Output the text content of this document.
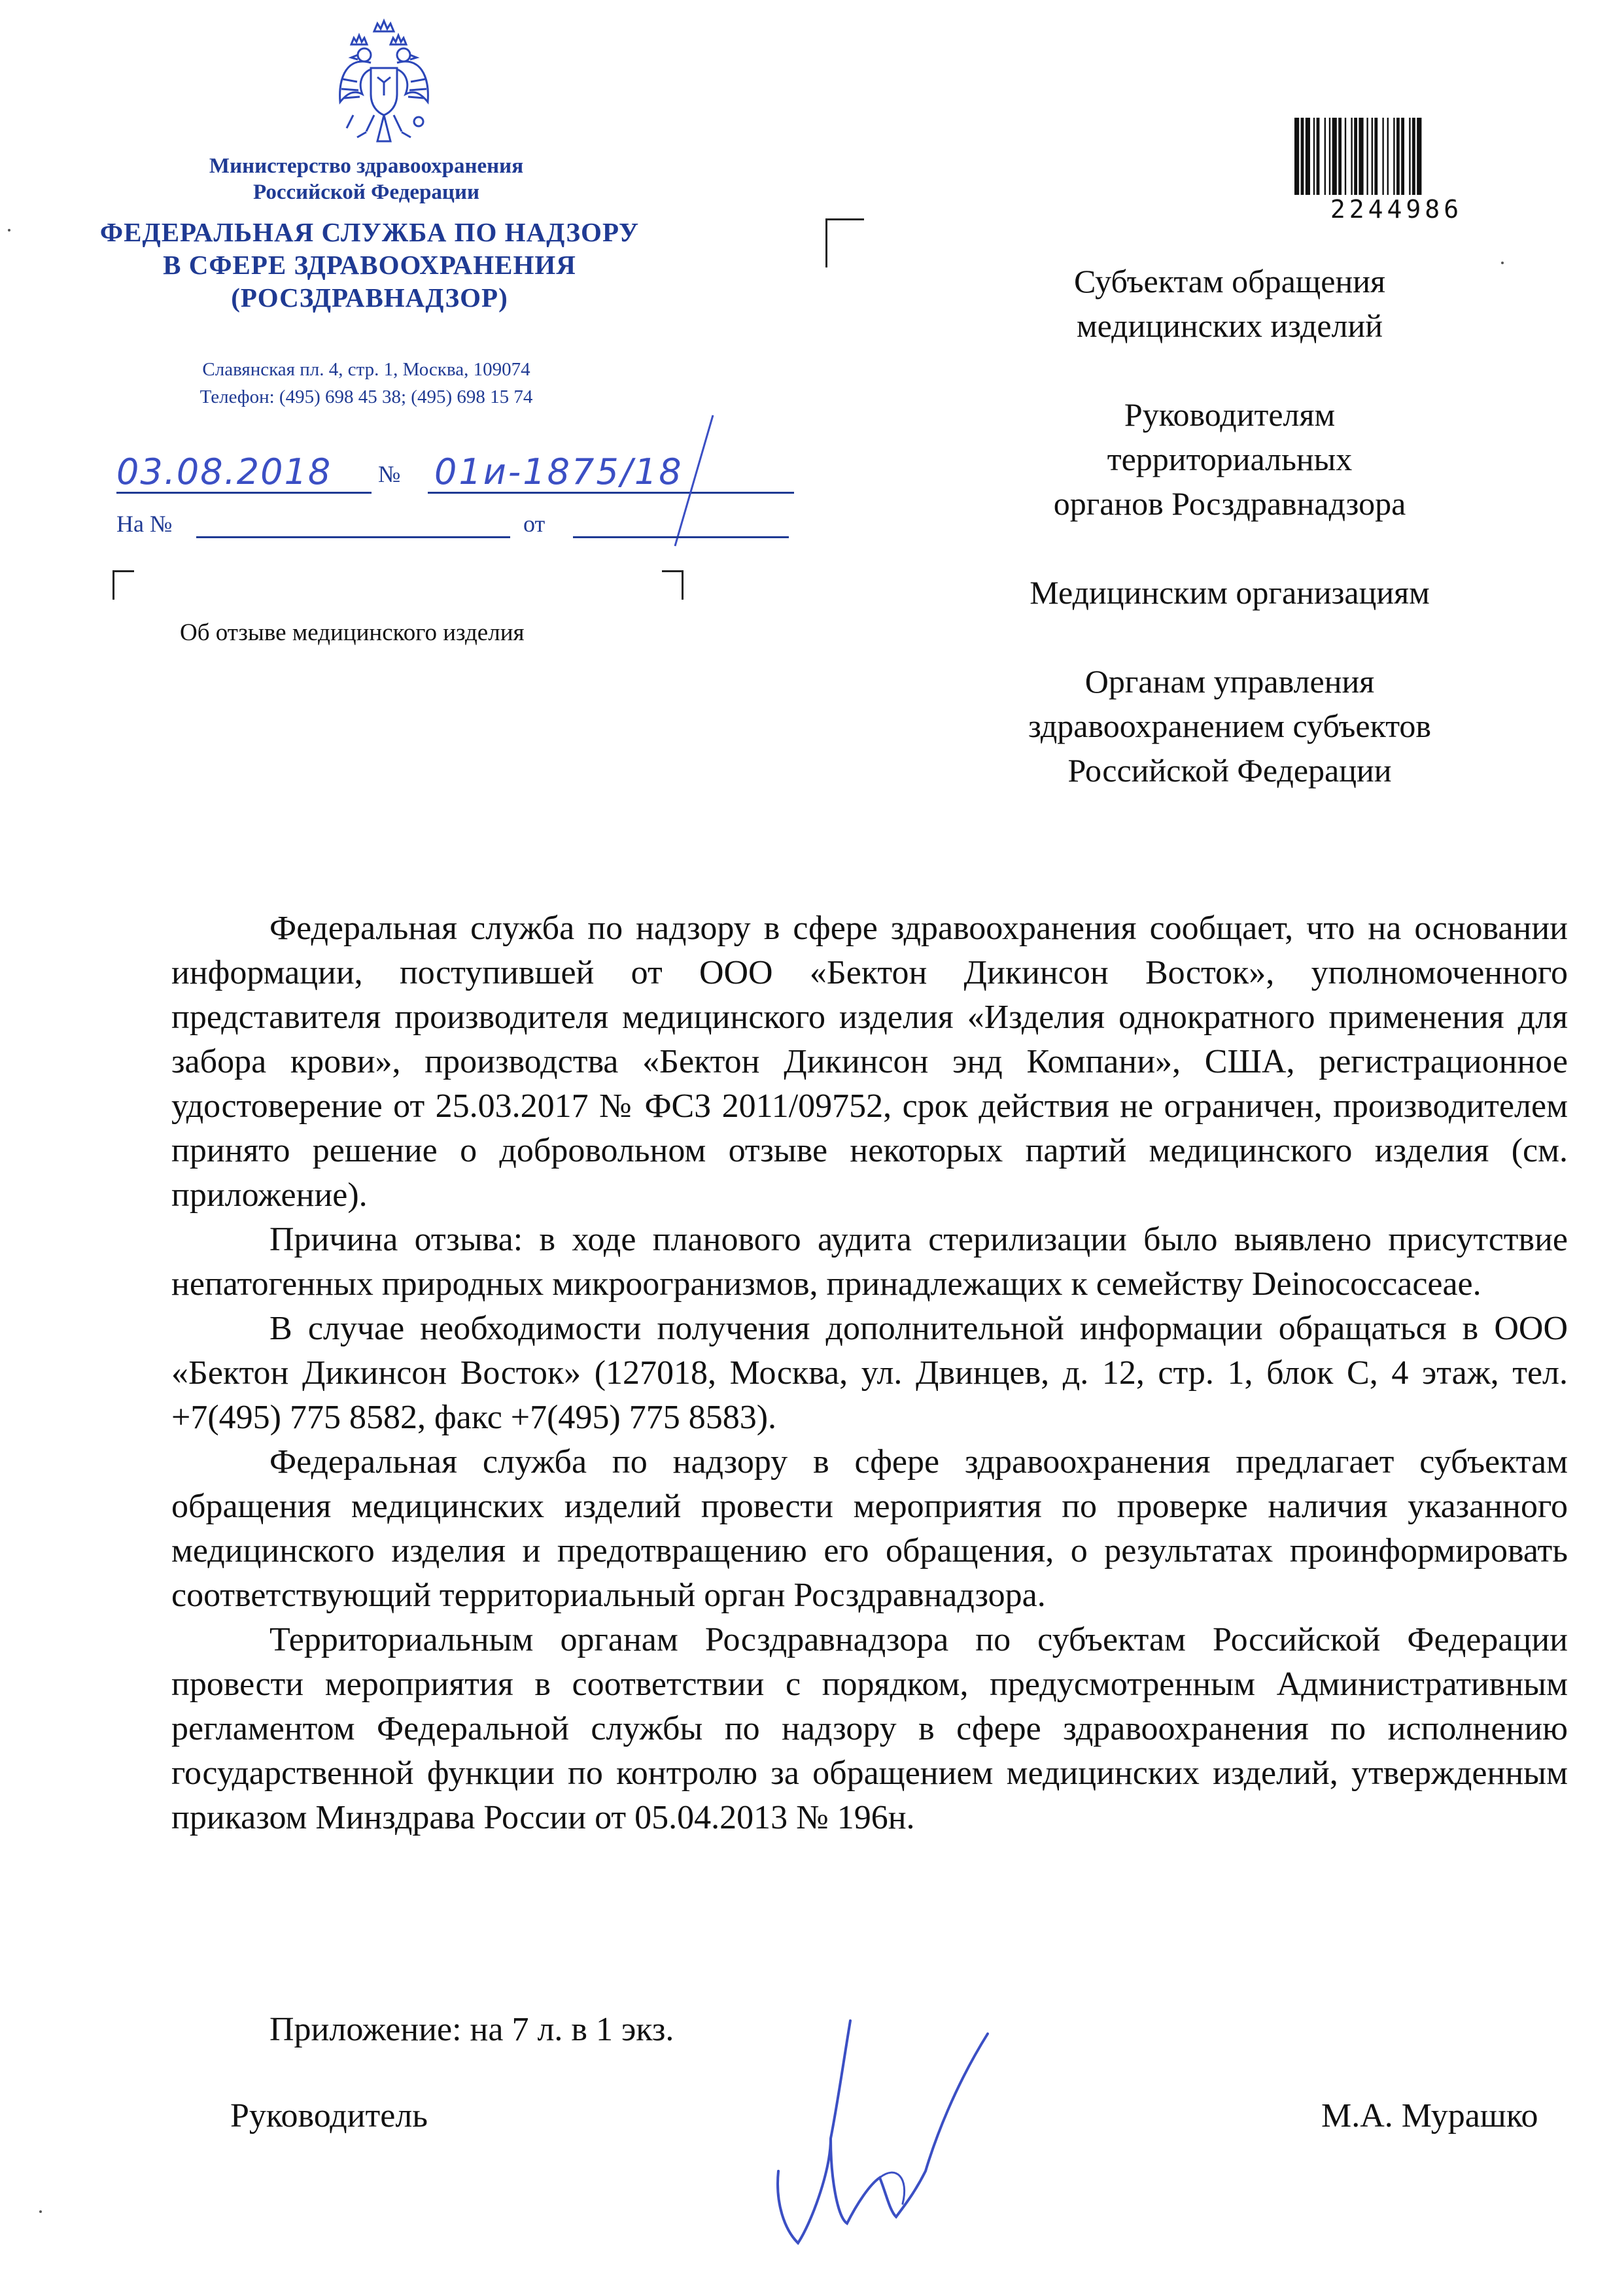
Министерство здравоохранения
Российской Федерации
ФЕДЕРАЛЬНАЯ СЛУЖБА ПО НАДЗОРУ
В СФЕРЕ ЗДРАВООХРАНЕНИЯ
(РОСЗДРАВНАДЗОР)
Славянская пл. 4, стр. 1, Москва, 109074
Телефон: (495) 698 45 38; (495) 698 15 74
03.08.2018 № 01и-1875/18
На №	от
Об отзыве медицинского изделия
2244986
Субъектам обращения
медицинских изделий
Руководителям
территориальных
органов Росздравнадзора
Медицинским организациям
Органам управления
здравоохранением субъектов
Российской Федерации

Федеральная служба по надзору в сфере здравоохранения сообщает, что на основании информации, поступившей от ООО «Бектон Дикинсон Восток», уполномоченного представителя производителя медицинского изделия «Изделия однократного применения для забора крови», производства «Бектон Дикинсон энд Компани», США, регистрационное удостоверение от 25.03.2017 № ФСЗ 2011/09752, срок действия не ограничен, производителем принято решение о добровольном отзыве некоторых партий медицинского изделия (см. приложение).

Причина отзыва: в ходе планового аудита стерилизации было выявлено присутствие непатогенных природных микроогранизмов, принадлежащих к семейству Deinococcaceae.

В случае необходимости получения дополнительной информации обращаться в ООО «Бектон Дикинсон Восток» (127018, Москва, ул. Двинцев, д. 12, стр. 1, блок С, 4 этаж, тел. +7(495) 775 8582, факс +7(495) 775 8583).

Федеральная служба по надзору в сфере здравоохранения предлагает субъектам обращения медицинских изделий провести мероприятия по проверке наличия указанного медицинского изделия и предотвращению его обращения, о результатах проинформировать соответствующий территориальный орган Росздравнадзора.

Территориальным органам Росздравнадзора по субъектам Российской Федерации провести мероприятия в соответствии с порядком, предусмотренным Административным регламентом Федеральной службы по надзору в сфере здравоохранения по исполнению государственной функции по контролю за обращением медицинских изделий, утвержденным приказом Минздрава России от 05.04.2013 № 196н.

Приложение: на 7 л. в 1 экз.
Руководитель	М.А. Мурашко
